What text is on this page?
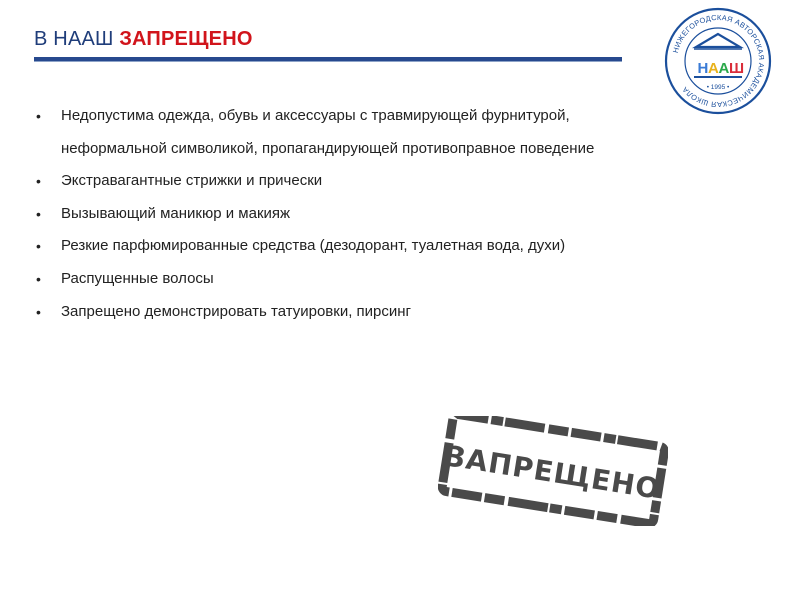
В НААШ ЗАПРЕЩЕНО
• Недопустима одежда, обувь и аксессуары с травмирующей фурнитурой, неформальной символикой, пропагандирующей противоправное поведение
• Экстравагантные стрижки и прически
• Вызывающий маникюр и макияж
• Резкие парфюмированные средства (дезодорант, туалетная вода, духи)
• Распущенные волосы
• Запрещено демонстрировать татуировки, пирсинг
НИЖЕГОРОДСКАЯ АВТОРСКАЯ АКАДЕМИЧЕСКАЯ ШКОЛА
Н А А Ш
• 1995 •
ЗАПРЕЩЕНО
